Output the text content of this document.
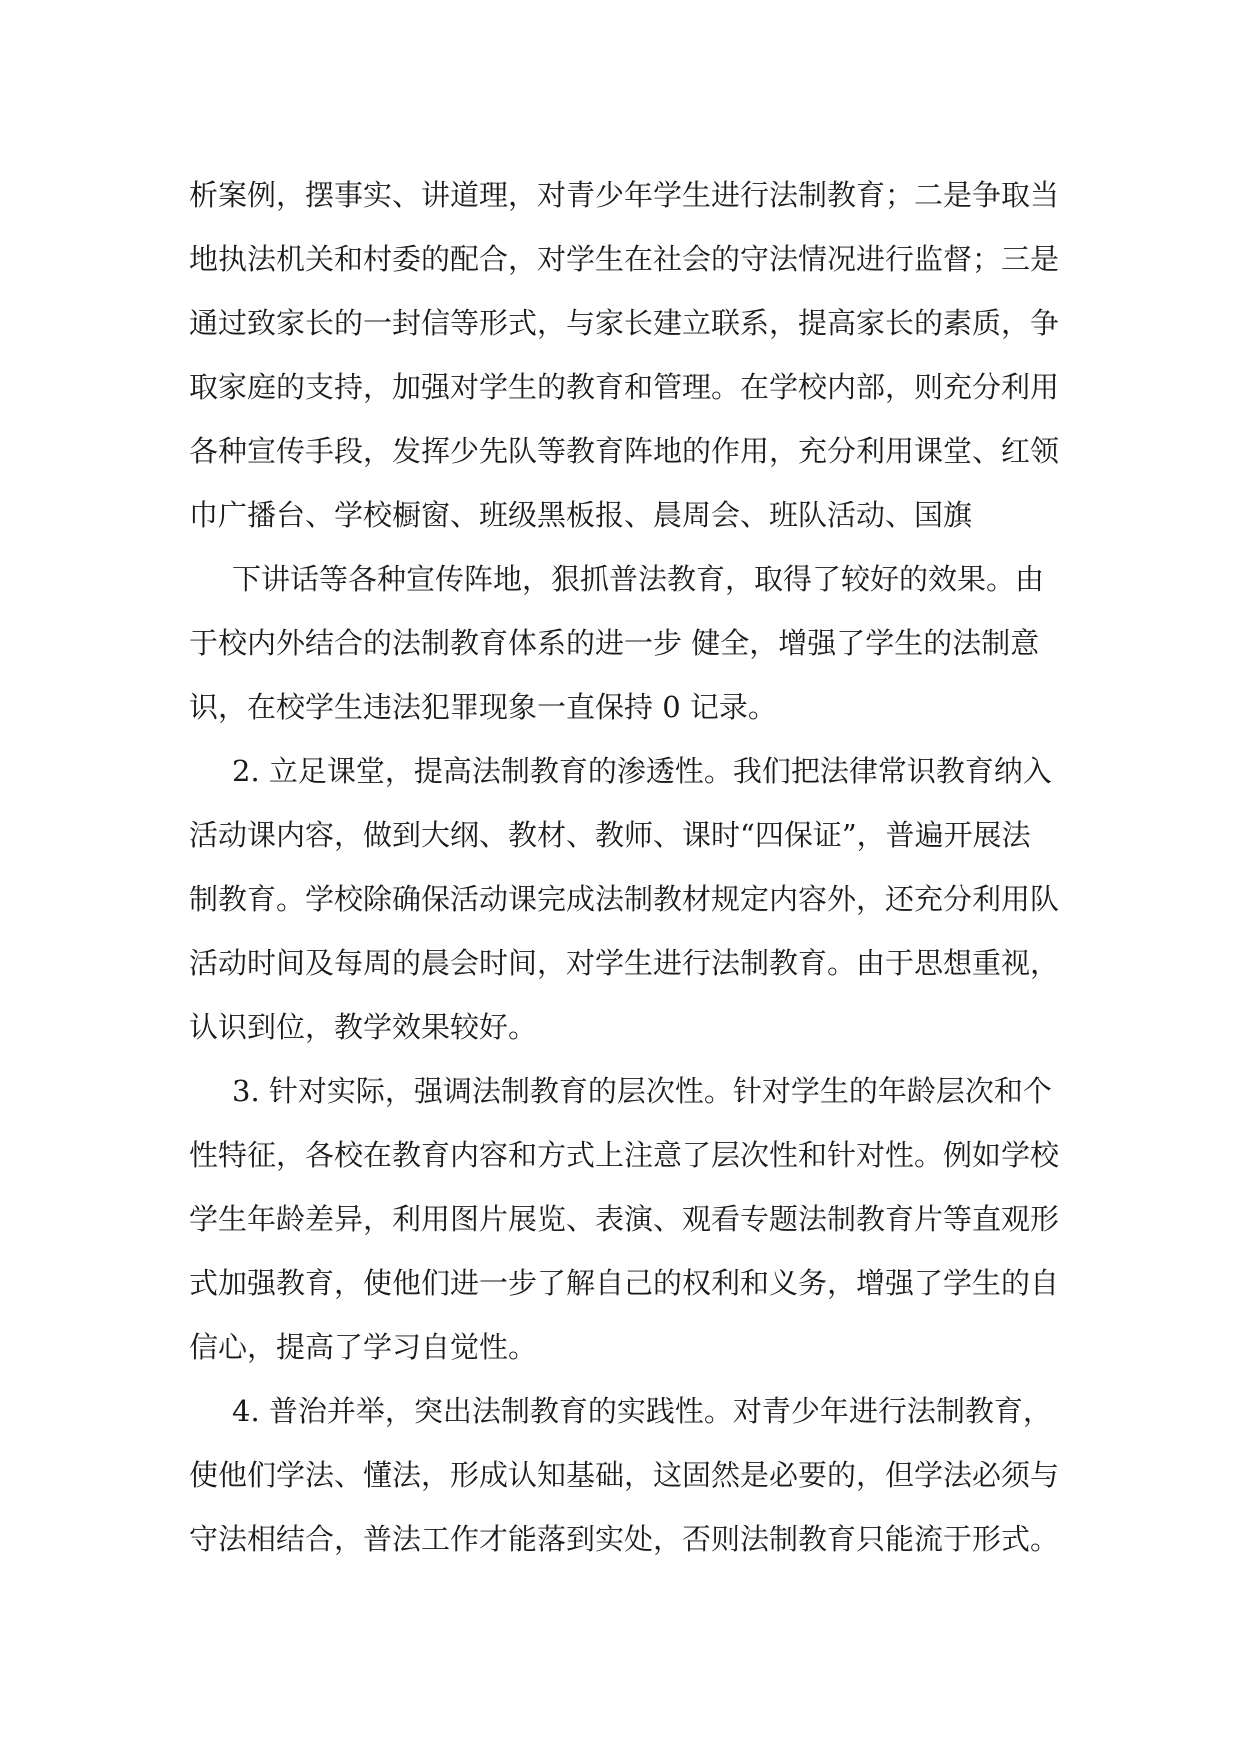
析案例，摆事实、讲道理，对青少年学生进行法制教育；二是争取当
地执法机关和村委的配合，对学生在社会的守法情况进行监督；三是
通过致家长的一封信等形式，与家长建立联系，提高家长的素质，争
取家庭的支持，加强对学生的教育和管理。在学校内部，则充分利用
各种宣传手段，发挥少先队等教育阵地的作用，充分利用课堂、红领
巾广播台、学校橱窗、班级黑板报、晨周会、班队活动、国旗
下讲话等各种宣传阵地，狠抓普法教育，取得了较好的效果。由
于校内外结合的法制教育体系的进一步 健全，增强了学生的法制意
识，在校学生违法犯罪现象一直保持 0 记录。
2. 立足课堂，提高法制教育的渗透性。我们把法律常识教育纳入
活动课内容，做到大纲、教材、教师、课时“四保证”，普遍开展法
制教育。学校除确保活动课完成法制教材规定内容外，还充分利用队
活动时间及每周的晨会时间，对学生进行法制教育。由于思想重视，
认识到位，教学效果较好。
3. 针对实际，强调法制教育的层次性。针对学生的年龄层次和个
性特征，各校在教育内容和方式上注意了层次性和针对性。例如学校
学生年龄差异，利用图片展览、表演、观看专题法制教育片等直观形
式加强教育，使他们进一步了解自己的权利和义务，增强了学生的自
信心，提高了学习自觉性。
4. 普治并举，突出法制教育的实践性。对青少年进行法制教育，
使他们学法、懂法，形成认知基础，这固然是必要的，但学法必须与
守法相结合，普法工作才能落到实处，否则法制教育只能流于形式。
